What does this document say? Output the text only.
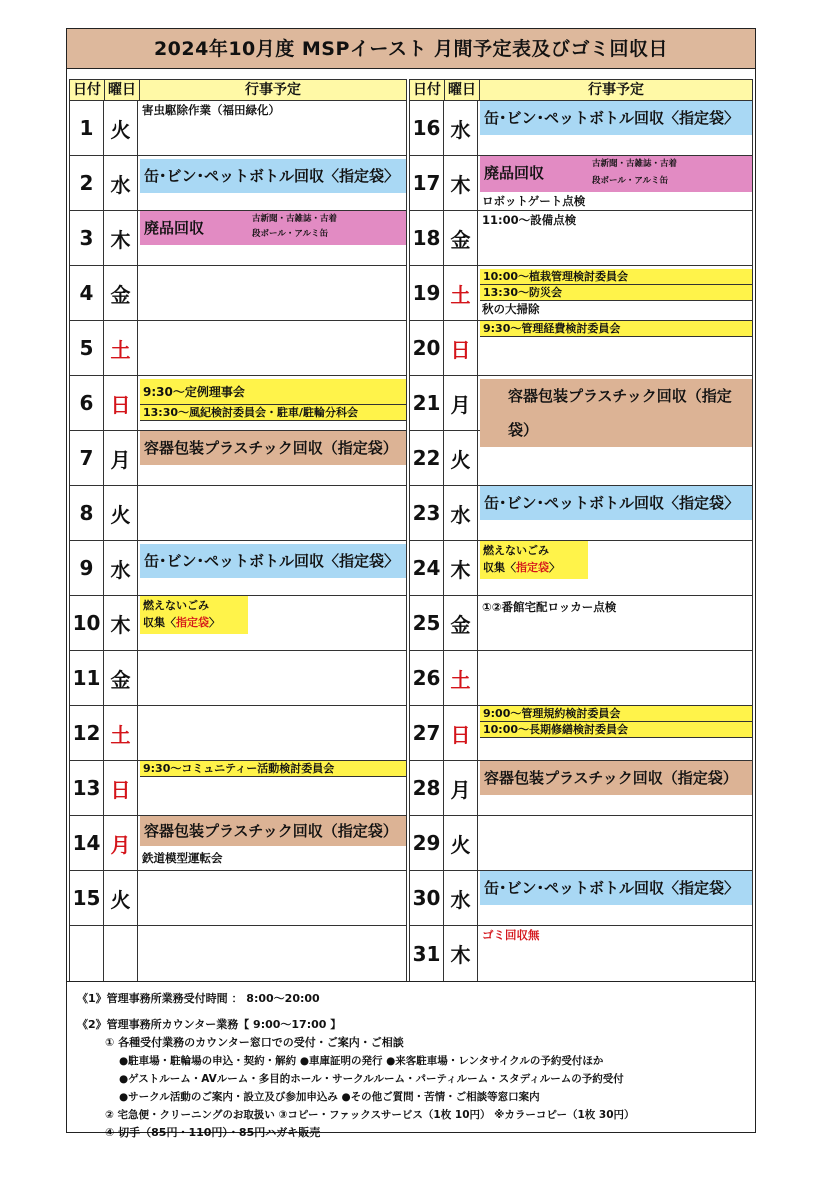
2024年10月度 MSPイースト 月間予定表及びゴミ回収日
日付 曜日	行事予定
1 火
害虫駆除作業（福田緑化）
2 水 缶･ビン･ペットボトル回収〈指定袋〉
3 木 廃品回収	古新聞・古雑誌・古着
段ボール・アルミ缶
4 金
5 土
6 日
9:30～定例理事会
13:30～風紀検討委員会・駐車/駐輪分科会
7 月 容器包装プラスチック回収（指定袋）
8 火
9 水 缶･ビン･ペットボトル回収〈指定袋〉
10 木
燃えないごみ
収集〈指定袋〉
11 金
12 土
13 日
9:30～コミュニティー活動検討委員会
14 月
容器包装プラスチック回収（指定袋）
鉄道模型運転会
15 火
日付 曜日	行事予定
16 水 缶･ビン･ペットボトル回収〈指定袋〉
17 木 廃品回収	古新聞・古雑誌・古着
段ボール・アルミ缶
ロボットゲート点検
18 金
11:00～設備点検
19 土
10:00～植栽管理検討委員会
13:30～防災会
秋の大掃除
20 日
9:30～管理経費検討委員会
21 月	容器包装プラスチック回収（指定袋）
22 火
23 水 缶･ビン･ペットボトル回収〈指定袋〉
24 木
燃えないごみ
収集〈指定袋〉
25 金
①②番館宅配ロッカー点検
26 土
27 日
9:00～管理規約検討委員会
10:00～長期修繕検討委員会
28 月 容器包装プラスチック回収（指定袋）
29 火
30 水 缶･ビン･ペットボトル回収〈指定袋〉
31 木
ゴミ回収無
《1》管理事務所業務受付時間 ： 8:00～20:00
《2》管理事務所カウンター業務【 9:00～17:00 】
① 各種受付業務のカウンター窓口での受付・ご案内・ご相談
●駐車場・駐輪場の申込・契約・解約 ●車庫証明の発行 ●来客駐車場・レンタサイクルの予約受付ほか
●ゲストルーム・AVルーム・多目的ホール・サークルルーム・パーティルーム・スタディルームの予約受付
●サークル活動のご案内・設立及び参加申込み ●その他ご質問・苦情・ご相談等窓口案内
② 宅急便・クリーニングのお取扱い ③コピー・ファックスサービス（1枚 10円） ※カラーコピー（1枚 30円）
④ 切手（85円・110円）・85円ハガキ販売
